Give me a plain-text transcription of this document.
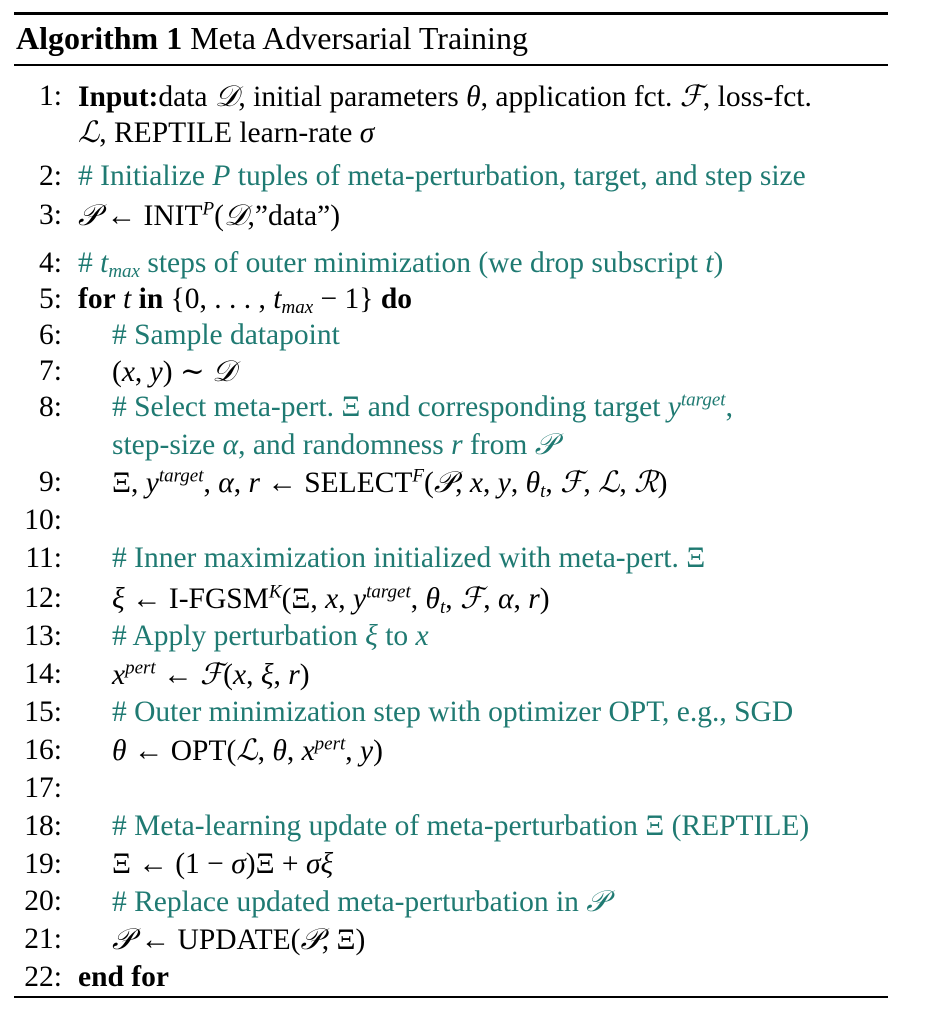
Algorithm 1 Meta Adversarial Training
1: Input:data 𝒟, initial parameters θ, application fct. ℱ, loss-fct.
ℒ, REPTILE learn-rate σ
2: # Initialize P tuples of meta-perturbation, target, and step size
3: 𝒫 ← $INIT^P(𝒟,”data”)$
4: # $t_{max}$ steps of outer minimization (we drop subscript t)
5: for t in {0, . . . , $t_{max} - 1$} do
6: # Sample datapoint
7: (x, y) ∼ 𝒟
8: # Select meta-pert. Ξ and corresponding target $y^{target}$,
step-size α, and randomness r from 𝒫
9: Ξ, $y^{target}$, α, r ← $SELECT^F(𝒫$, x, y, $\theta_t$, ℱ, ℒ, ℛ)
10:
11: # Inner maximization initialized with meta-pert. Ξ
12: ξ ← $I-FGSM^K(\Xi$, x, $y^{target}$, $\theta_t$, ℱ, α, r)
13: # Apply perturbation ξ to x
14: $x^{pert}$ ← ℱ(x, ξ, r)
15: # Outer minimization step with optimizer OPT, e.g., SGD
16: θ ← OPT(ℒ, θ, $x^{pert}$, y)
17:
18: # Meta-learning update of meta-perturbation Ξ (REPTILE)
19: Ξ ← (1 − σ)Ξ + σξ
20: # Replace updated meta-perturbation in 𝒫
21: 𝒫 ← UPDATE(𝒫, Ξ)
22: end for
